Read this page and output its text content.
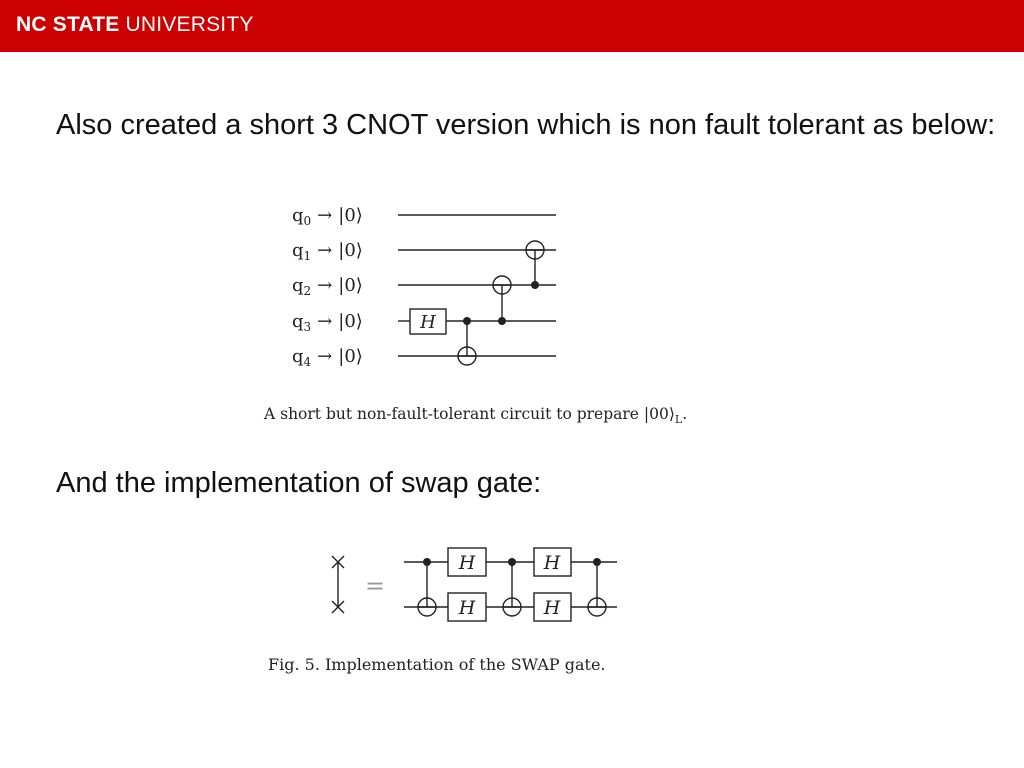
NC STATE UNIVERSITY
Also created a short 3 CNOT version which is non fault tolerant as below:
And the implementation of swap gate:
$q_0$ → |0⟩
$q_1$ → |0⟩
$q_2$ → |0⟩
$q_3$ → |0⟩
$q_4$ → |0⟩
H
A short but non-fault-tolerant circuit to prepare $|00⟩_L$.
H
H
H
H
=
Fig. 5. Implementation of the SWAP gate.
